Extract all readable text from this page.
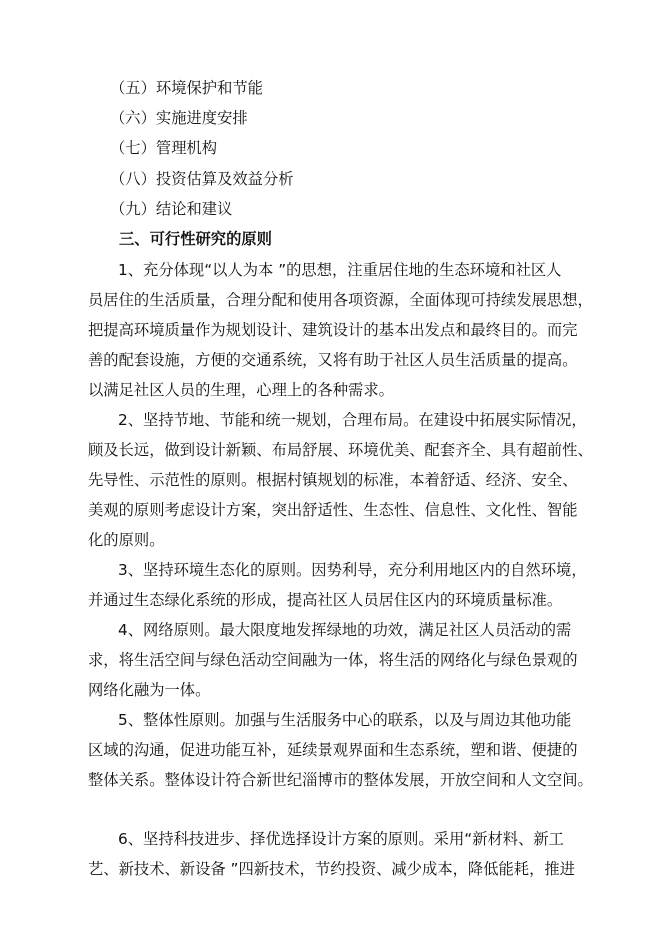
（五）环境保护和节能
（六）实施进度安排
（七）管理机构
（八）投资估算及效益分析
（九）结论和建议
三、可行性研究的原则
1、充分体现“以人为本 ”的思想，注重居住地的生态环境和社区人
员居住的生活质量，合理分配和使用各项资源，全面体现可持续发展思想，
把提高环境质量作为规划设计、建筑设计的基本出发点和最终目的。而完
善的配套设施，方便的交通系统，又将有助于社区人员生活质量的提高。
以满足社区人员的生理，心理上的各种需求。
2、坚持节地、节能和统一规划，合理布局。在建设中拓展实际情况，
顾及长远，做到设计新颖、布局舒展、环境优美、配套齐全、具有超前性、
先导性、示范性的原则。根据村镇规划的标准，本着舒适、经济、安全、
美观的原则考虑设计方案，突出舒适性、生态性、信息性、文化性、智能
化的原则。
3、坚持环境生态化的原则。因势利导，充分利用地区内的自然环境，
并通过生态绿化系统的形成，提高社区人员居住区内的环境质量标准。
4、网络原则。最大限度地发挥绿地的功效，满足社区人员活动的需
求，将生活空间与绿色活动空间融为一体，将生活的网络化与绿色景观的
网络化融为一体。
5、整体性原则。加强与生活服务中心的联系，以及与周边其他功能
区域的沟通，促进功能互补，延续景观界面和生态系统，塑和谐、便捷的
整体关系。整体设计符合新世纪淄博市的整体发展，开放空间和人文空间。
6、坚持科技进步、择优选择设计方案的原则。采用“新材料、新工
艺、新技术、新设备 ”四新技术，节约投资、减少成本，降低能耗，推进
